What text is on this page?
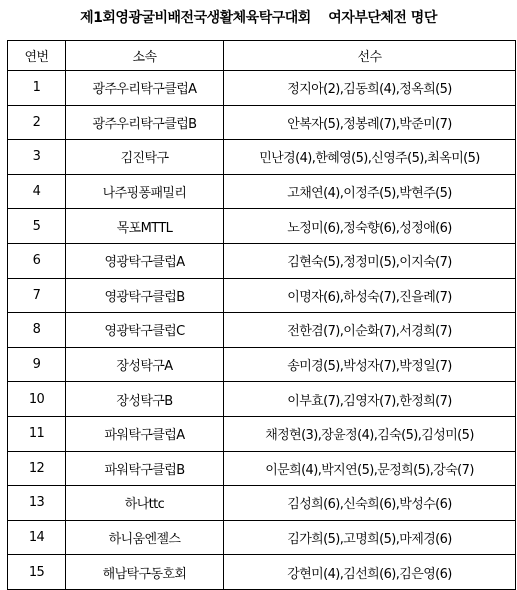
제1회영광굴비배전국생활체육탁구대회    여자부단체전 명단
연번	소속	선수
1	광주우리탁구클럽A	정지아(2),김동희(4),정옥희(5)
2	광주우리탁구클럽B	안복자(5),정봉례(7),박준미(7)
3	김진탁구	민난경(4),한혜영(5),신영주(5),최옥미(5)
4	나주핑퐁패밀리	고채연(4),이정주(5),박현주(5)
5	목포MTTL	노정미(6),정숙향(6),성정애(6)
6	영광탁구클럽A	김현숙(5),정정미(5),이지숙(7)
7	영광탁구클럽B	이명자(6),하성숙(7),진을례(7)
8	영광탁구클럽C	전한겸(7),이순화(7),서경희(7)
9	장성탁구A	송미경(5),박성자(7),박정일(7)
10	장성탁구B	이부효(7),김영자(7),한정희(7)
11	파워탁구클럽A	채정현(3),장윤정(4),김숙(5),김성미(5)
12	파워탁구클럽B	이문희(4),박지연(5),문정희(5),강숙(7)
13	하나ttc	김성희(6),신숙희(6),박성수(6)
14	하니움엔젤스	김가희(5),고명희(5),마제경(6)
15	해남탁구동호회	강현미(4),김선희(6),김은영(6)
